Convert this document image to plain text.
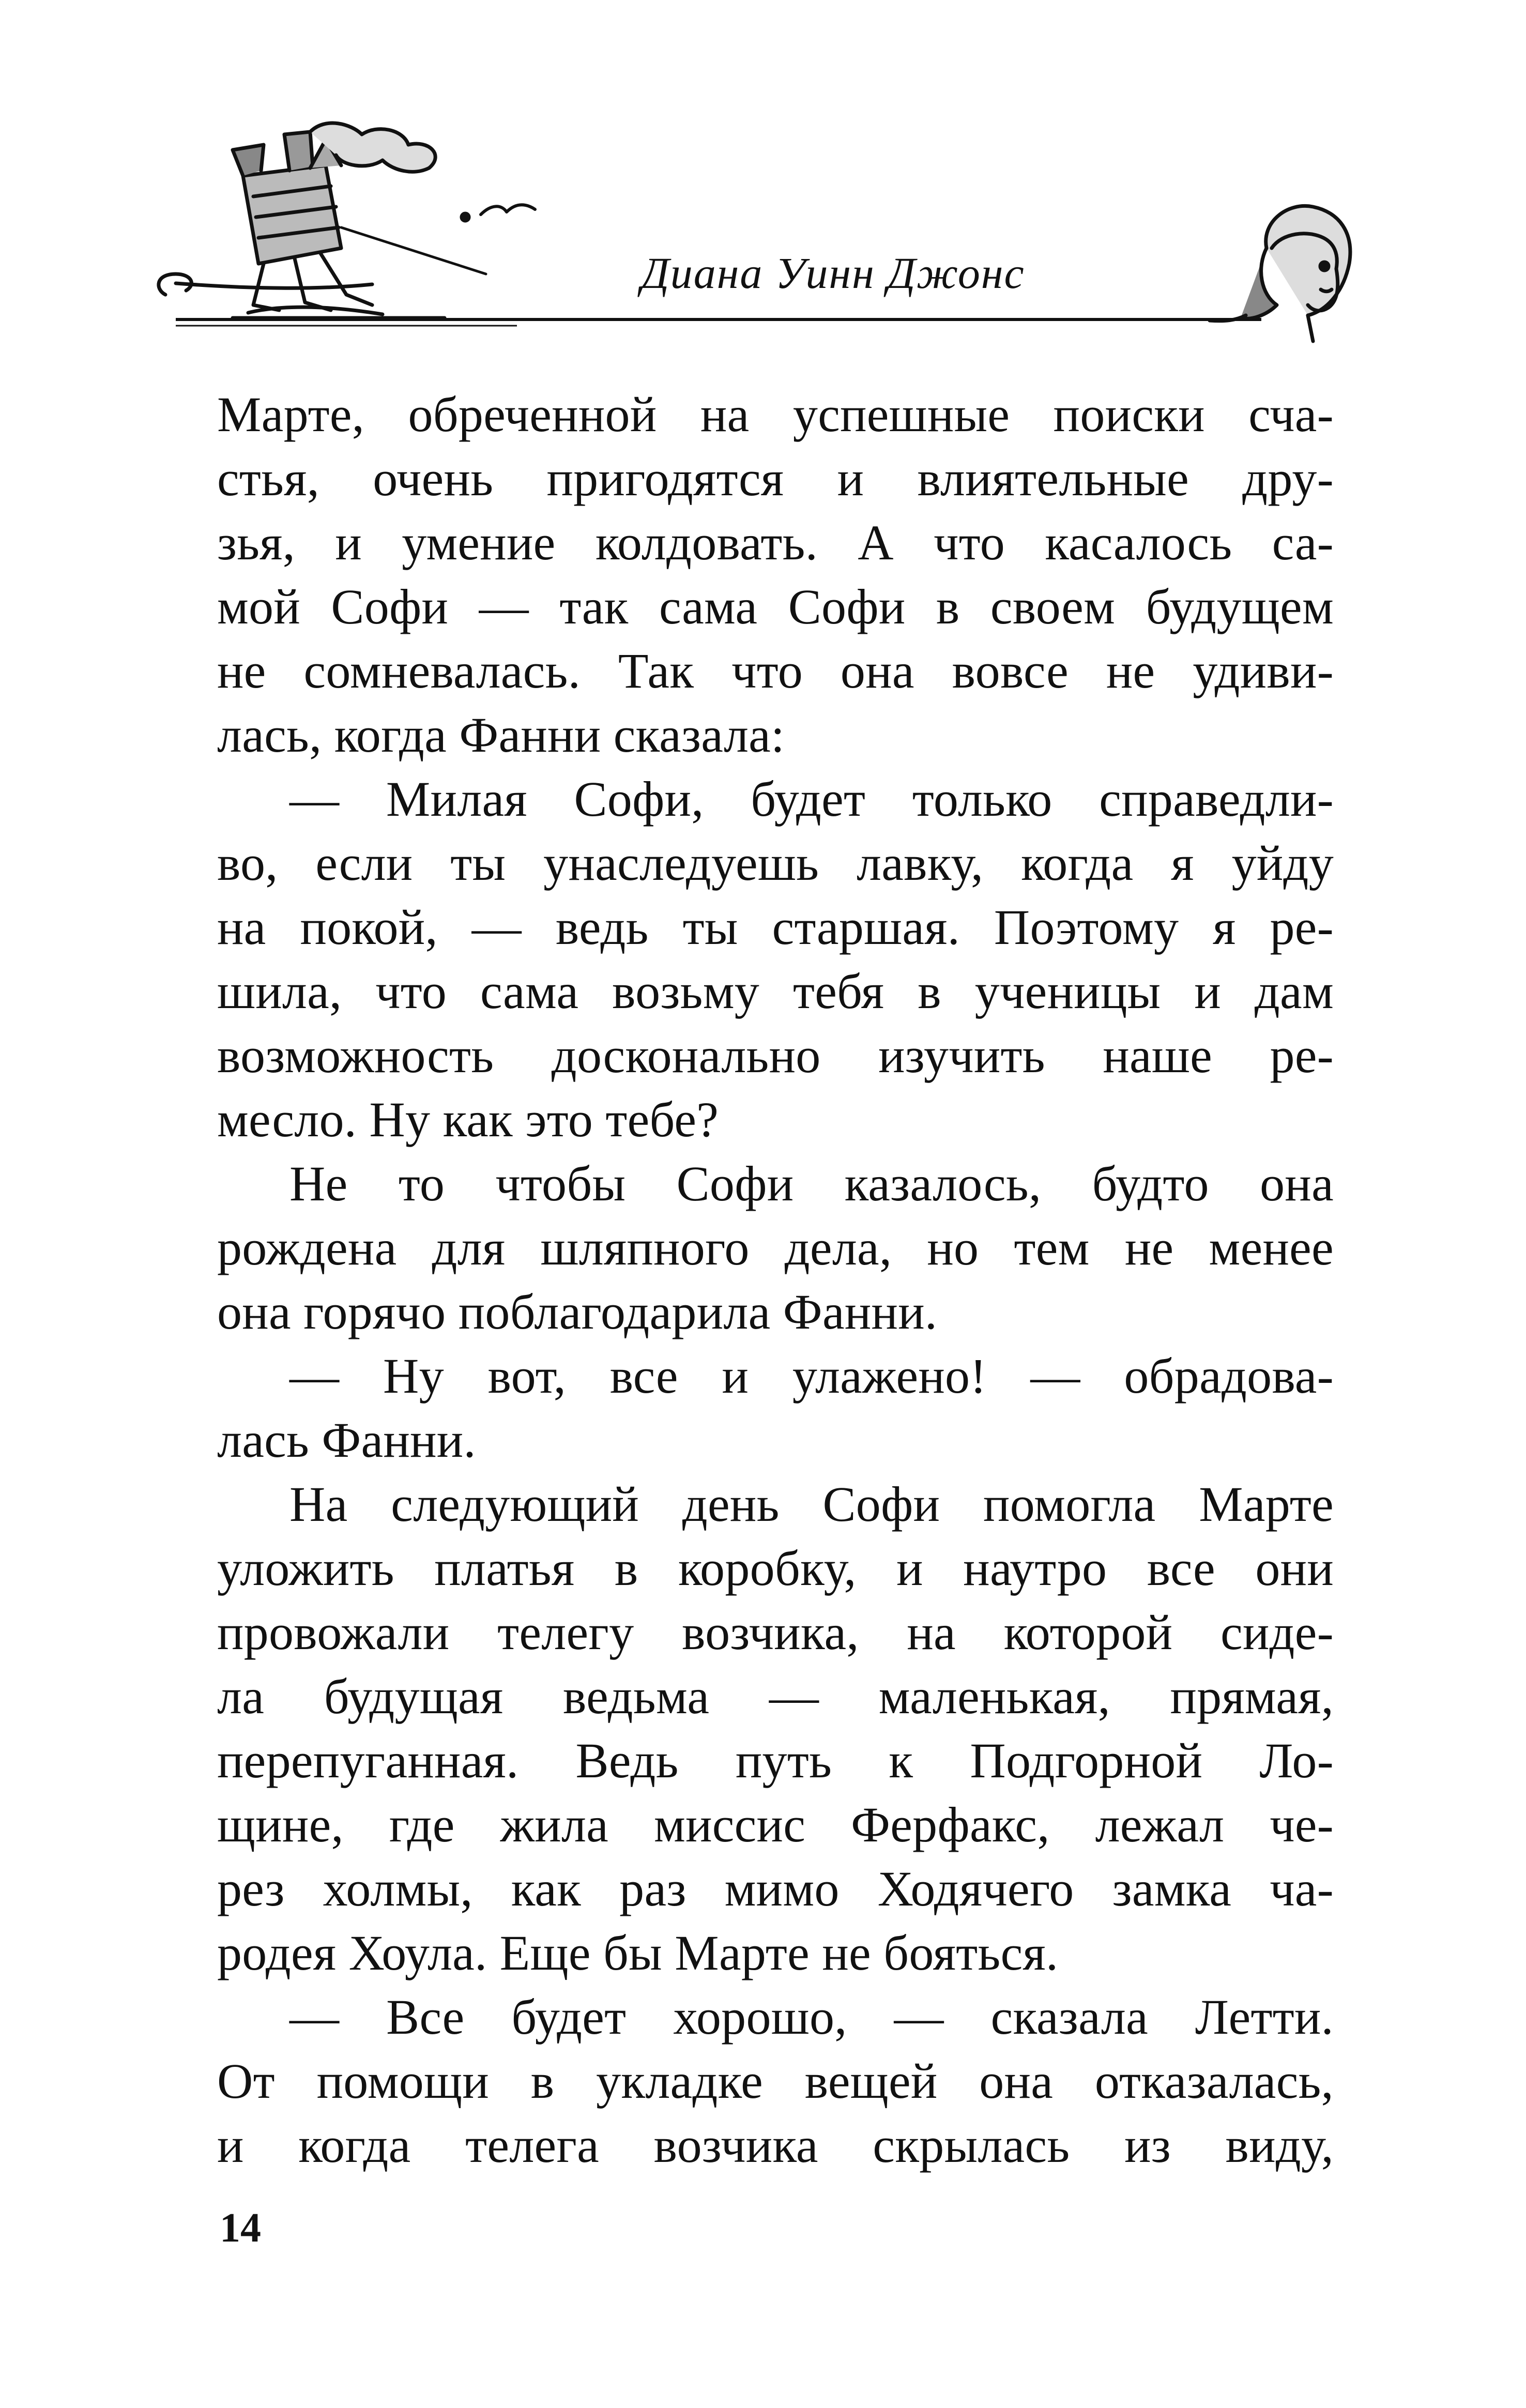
Диана Уинн Джонс
Марте, обреченной на успешные поиски сча-
стья, очень пригодятся и влиятельные дру-
зья, и умение колдовать. А что касалось са-
мой Софи — так сама Софи в своем будущем
не сомневалась. Так что она вовсе не удиви-
лась, когда Фанни сказала:
— Милая Софи, будет только справедли-
во, если ты унаследуешь лавку, когда я уйду
на покой, — ведь ты старшая. Поэтому я ре-
шила, что сама возьму тебя в ученицы и дам
возможность досконально изучить наше ре-
месло. Ну как это тебе?
Не то чтобы Софи казалось, будто она
рождена для шляпного дела, но тем не менее
она горячо поблагодарила Фанни.
— Ну вот, все и улажено! — обрадова-
лась Фанни.
На следующий день Софи помогла Марте
уложить платья в коробку, и наутро все они
провожали телегу возчика, на которой сиде-
ла будущая ведьма — маленькая, прямая,
перепуганная. Ведь путь к Подгорной Ло-
щине, где жила миссис Ферфакс, лежал че-
рез холмы, как раз мимо Ходячего замка ча-
родея Хоула. Еще бы Марте не бояться.
— Все будет хорошо, — сказала Летти.
От помощи в укладке вещей она отказалась,
и когда телега возчика скрылась из виду,
14
